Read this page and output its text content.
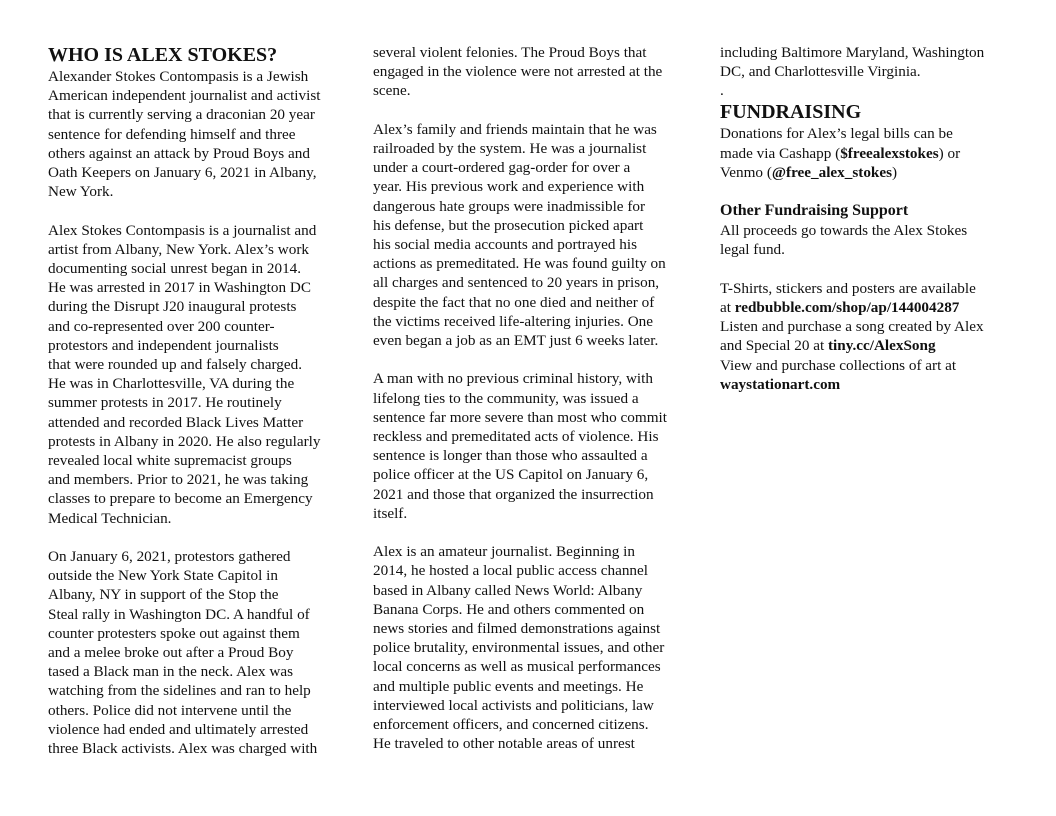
WHO IS ALEX STOKES?

Alexander Stokes Contompasis is a Jewish
American independent journalist and activist
that is currently serving a draconian 20 year
sentence for defending himself and three
others against an attack by Proud Boys and
Oath Keepers on January 6, 2021 in Albany,
New York.

Alex Stokes Contompasis is a journalist and
artist from Albany, New York. Alex’s work
documenting social unrest began in 2014.
He was arrested in 2017 in Washington DC
during the Disrupt J20 inaugural protests
and co-represented over 200 counter-
protestors and independent journalists
that were rounded up and falsely charged.
He was in Charlottesville, VA during the
summer protests in 2017. He routinely
attended and recorded Black Lives Matter
protests in Albany in 2020. He also regularly
revealed local white supremacist groups
and members. Prior to 2021, he was taking
classes to prepare to become an Emergency
Medical Technician.

On January 6, 2021, protestors gathered
outside the New York State Capitol in
Albany, NY in support of the Stop the
Steal rally in Washington DC. A handful of
counter protesters spoke out against them
and a melee broke out after a Proud Boy
tased a Black man in the neck. Alex was
watching from the sidelines and ran to help
others. Police did not intervene until the
violence had ended and ultimately arrested
three Black activists. Alex was charged with

several violent felonies. The Proud Boys that
engaged in the violence were not arrested at the
scene.

Alex’s family and friends maintain that he was
railroaded by the system. He was a journalist
under a court-ordered gag-order for over a
year. His previous work and experience with
dangerous hate groups were inadmissible for
his defense, but the prosecution picked apart
his social media accounts and portrayed his
actions as premeditated. He was found guilty on
all charges and sentenced to 20 years in prison,
despite the fact that no one died and neither of
the victims received life-altering injuries. One
even began a job as an EMT just 6 weeks later.

A man with no previous criminal history, with
lifelong ties to the community, was issued a
sentence far more severe than most who commit
reckless and premeditated acts of violence. His
sentence is longer than those who assaulted a
police officer at the US Capitol on January 6,
2021 and those that organized the insurrection
itself.

Alex is an amateur journalist. Beginning in
2014, he hosted a local public access channel
based in Albany called News World: Albany
Banana Corps. He and others commented on
news stories and filmed demonstrations against
police brutality, environmental issues, and other
local concerns as well as musical performances
and multiple public events and meetings. He
interviewed local activists and politicians, law
enforcement officers, and concerned citizens.
He traveled to other notable areas of unrest

including Baltimore Maryland, Washington
DC, and Charlottesville Virginia.

.

FUNDRAISING

Donations for Alex’s legal bills can be
made via Cashapp ($freealexstokes) or
Venmo (@free_alex_stokes)

Other Fundraising Support

All proceeds go towards the Alex Stokes
legal fund.

T-Shirts, stickers and posters are available
at redbubble.com/shop/ap/144004287

Listen and purchase a song created by Alex
and Special 20 at tiny.cc/AlexSong

View and purchase collections of art at
waystationart.com
